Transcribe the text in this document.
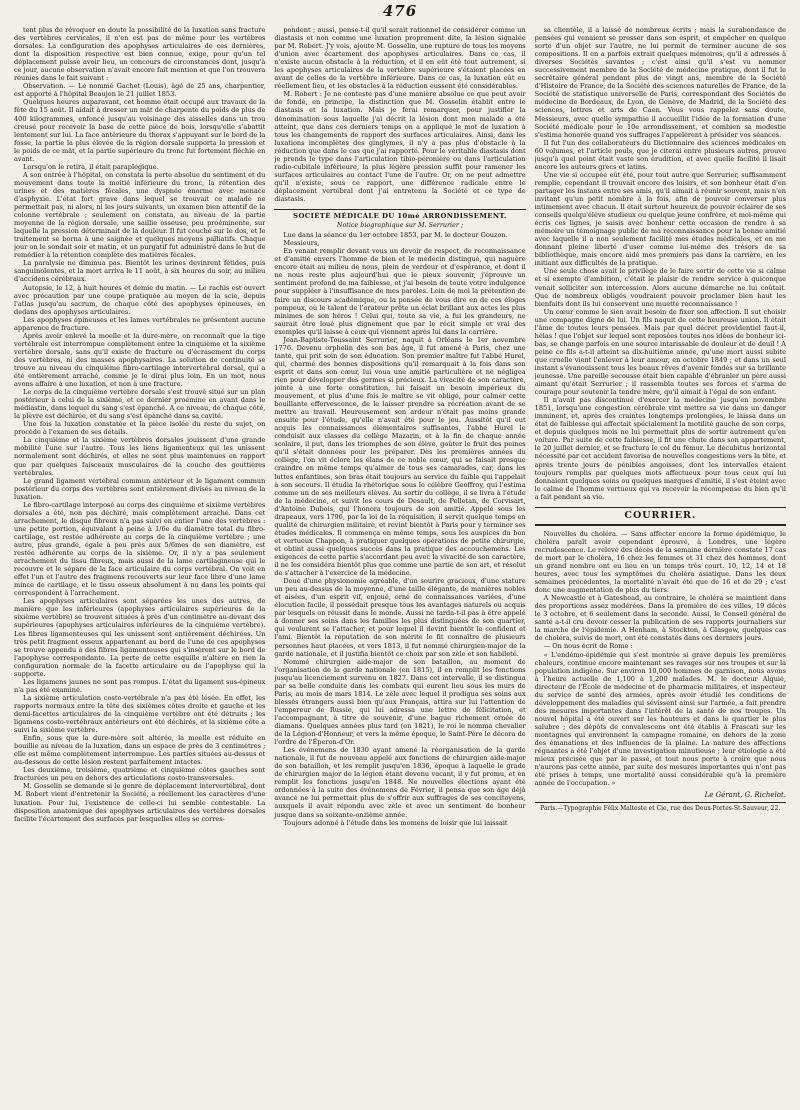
476

tent plus de révoquer en doute la possibilité de la luxation sans fracture des vertèbres cervicales, il n'en est pas de même pour les vertèbres dorsales. La configuration des apophyses articulaires de ces dernières, dont la disposition respective est bien connue, exige, pour qu'un tel déplacement puisse avoir lieu, un concours de circonstances dont, jusqu'à ce jour, aucune observation n'avait encore fait mention et que l'on trouvera réunies dans le fait suivant :

Observation. — Le nommé Gachet (Louis), âgé de 25 ans, charpentier, est apporté à l'hôpital Beaujon le 21 juillet 1853.

Quelques heures auparavant, cet homme était occupé aux travaux de la fête du 15 août. Il aidait à dresser un mât de charpente du poids de plus de 400 kilogrammes, enfoncé jusqu'au voisinage des aisselles dans un trou creusé pour recevoir la base de cette pièce de bois, lorsqu'elle s'abattit lentement sur lui. La face antérieure du thorax s'appuyant sur le bord de la fosse, la partie la plus élevée de la région dorsale supporta la pression et le poids de ce mât, et la partie supérieure du tronc fut fortement fléchie en avant.

Lorsqu'on le retira, il était paraplégique.

A son entrée à l'hôpital, on constata la perte absolue du sentiment et du mouvement dans toute la moitié inférieure du tronc, la rétention des urines et des matières fécales, une dyspnée énorme avec menace d'asphyxie. L'état fort grave dans lequel se trouvait ce malade ne permettait pas, ni alors, ni les jours suivants, un examen bien attentif de la colonne vertébrale ; seulement on constata, au niveau de la partie moyenne de la région dorsale, une saillie osseuse, peu proéminente, sur laquelle la pression déterminait de la douleur. Il fut couché sur le dos, et le traitement se borna à une saignée et quelques moyens palliatifs. Chaque jour on le sondait soir et matin, et un purgatif fut administré dans le but de remédier à la rétention complète des matières fécales.

La paralysie ne diminua pas. Bientôt les urines devinrent fétides, puis sanguinolentes, et la mort arriva le 11 août, à six heures du soir, au milieu d'accidens cérébraux.

Autopsie, le 12, à huit heures et demie du matin. — Le rachis est ouvert avec précaution par une coupe pratiquée au moyen de la scie, depuis l'atlas jusqu'au sacrum, de chaque côté des apophyses épineuses, en dedans des apophyses articulaires.

Les apophyses épineuses et les lames vertébrales ne présentent aucune apparence de fracture.

Après avoir enlevé la moelle et la dure-mère, on reconnaît que la tige vertébrale est interrompue complètement entre la cinquième et la sixième vertèbre dorsale, sans qu'il existe de fracture ou d'écrasement du corps des vertèbres, ni des masses apophysaires. La solution de continuité se trouve au niveau du cinquième fibro-cartilage intervertébral dorsal, qui a été entièrement arraché, comme je le dirai plus loin. En un mot, nous avons affaire à une luxation, et non à une fracture.

Le corps de la cinquième vertèbre dorsale s'est trouvé situé sur un plan postérieur à celui de la sixième, et ce dernier proémine en avant dans le médiastin, dans lequel du sang s'est épanché. A ce niveau, de chaque côté, la plèvre est déchirée, et du sang s'est épanché dans sa cavité.

Une fois la luxation constatée et la pièce isolée du reste du sujet, on procède à l'examen de ses détails.

La cinquième et la sixième vertèbres dorsales jouissent d'une grande mobilité l'une sur l'autre. Tous les liens ligamenteux qui les unissent normalement sont déchirés, et elles ne sont plus maintenues en rapport que par quelques faisceaux musculaires de la couche des gouttières vertébrales.

Le grand ligament vertébral commun antérieur et le ligament commun postérieur du corps des vertèbres sont entièrement divisés au niveau de la luxation.

Le fibro-cartilage interposé au corps des cinquième et sixième vertèbres dorsales a été, non pas déchiré, mais complètement arraché. Dans cet arrachement, le disque fibreux n'a pas suivi en entier l'une des vertèbres : une petite portion, équivalant à peine à 1/6e du diamètre total du fibro-cartilage, est restée adhérente au corps de la cinquième vertèbre ; une autre, plus grande, égale à peu près aux 5/6mes de son diamètre, est restée adhérente au corps de la sixième. Or, il n'y a pas seulement arrachement du tissu fibreux, mais aussi de la lame cartilagineuse qui le recouvre et le sépare de la face articulaire du corps vertébral. On voit en effet l'un et l'autre des fragmens recouverts sur leur face libre d'une lame mince de cartilage, et le tissu osseux absolument à nu dans les points qui correspondent à l'arrachement.

Les apophyses articulaires sont séparées les unes des autres, de manière que les inférieures (apophyses articulaires supérieures de la sixième vertèbre) se trouvent situées à près d'un centimètre au-devant des supérieures (apophyses articulaires inférieures de la cinquième vertèbre). Les fibres ligamenteuses qui les unissent sont entièrement déchirées. Un très petit fragment osseux appartenant au bord de l'une de ces apophyses se trouve appendu à des fibres ligamenteuses qui s'insèrent sur le bord de l'apophyse correspondante. La perte de cette esquille n'altère en rien la configuration normale de la facette articulaire ou de l'apophyse qui la supporte.

Les ligamens jaunes ne sont pas rompus. L'état du ligament sus-épineux n'a pas été examiné.

La sixième articulation costo-vertébrale n'a pas été lésée. En effet, les rapports normaux entre la tête des sixièmes côtes droite et gauche et les demi-facettes articulaires de la cinquième vertèbre ont été détruits ; les ligamens costo-vertébraux antérieurs ont été déchirés, et la sixième côte a suivi la sixième vertèbre.

Enfin, sous que la dure-mère soit altérée, la moelle est réduite en bouillie au niveau de la luxation, dans un espace de près de 3 centimètres ; elle est même complètement interrompue. Les parties situées au-dessus et au-dessous de cette lésion restent parfaitement intactes.

Les deuxième, troisième, quatrième et cinquième côtes gauches sont fracturées un peu en dehors des articulations costo-transversales.

M. Gosselin se demande si le genre de déplacement intervertébral, dont M. Robert vient d'entretenir la Société, a réellement les caractères d'une luxation. Pour lui, l'existence de celle-ci lui semble contestable. La disposition anatomique des apophyses articulaires des vertèbres dorsales facilite l'écartement des surfaces par lesquelles elles se corres-

pondent ; aussi, pense-t-il qu'il serait rationnel de considérer comme un diastasis et non comme une luxation proprement dite, la lésion signalée par M. Robert. J'y vois, ajoute M. Gosselin, une rupture de tous les moyens d'union avec écartement des apophyses articulaires. Dans ce cas, il n'existe aucun obstacle à la réduction, et il en eût été tout autrement, si les apophyses articulaires de la vertèbre supérieure s'étaient placées en avant de celles de la vertèbre inférieure. Dans ce cas, la luxation eût eu réellement lieu, et les obstacles à la réduction eussent été considérables.

M. Robert : Je ne conteste pas d'une manière absolue ce que peut avoir de fondé, en principe, la distinction que M. Gosselin établit entre le diastasis et la luxation. Mais je ferai remarquer, pour justifier la dénomination sous laquelle j'ai décrit la lésion dont mon malade a été atteint, que dans ces derniers temps on a appliqué le mot de luxation à tous les changements de rapport des surfaces articulaires. Ainsi, dans les luxations incomplètes des ginglymes, il n'y a pas plus d'obstacle à la réduction que dans le cas que j'ai rapporté. Pour le véritable diastasis dont je prends le type dans l'articulation tibio-péronière ou dans l'articulation radio-cubitale inférieure, la plus légère pression suffit pour ramener les surfaces articulaires au contact l'une de l'autre. Or, on ne peut admettre qu'il n'existe, sous ce rapport, une différence radicale entre le déplacement vertébral dont j'ai entretenu la Société et ce type de diastasis.

SOCIÉTÉ MÉDICALE DU 10me ARRONDISSEMENT.
Notice biographique sur M. Serrurier ;

Lue dans la séance du 1er octobre 1853, par M. le docteur Gouzon.

Messieurs,

En venant remplir devant vous un devoir de respect, de reconnaissance et d'amitié envers l'homme de bien et le médecin distingué, qui naguère encore était au milieu de nous, plein de verdeur et d'espérance, et dont il ne nous reste plus aujourd'hui que le pieux souvenir, j'éprouve un sentiment profond de ma faiblesse, et j'ai besoin de toute votre indulgence pour suppléer à l'insuffisance de mes paroles. Loin de moi la prétention de faire un discours académique, ou la pensée de vous dire en de ces éloges pompeux, où le talent de l'orateur prête un éclat brillant aux actes les plus minimes de son héros ! Celui qui, toute sa vie, a fui les grandeurs, ne saurait être loué plus dignement que par le récit simple et vrai des exemples qu'il laisse à ceux qui viennent après lui dans la carrière.

Jean-Baptiste-Toussaint Serrurier, naquit à Orléans le 1er novembre 1776. Devenu orphelin dès son bas âge, il fut amené à Paris, chez une tante, qui prit soin de son éducation. Son premier maître fut l'abbé Hurel, qui, charmé des bonnes dispositions qu'il remarquait à la fois dans son esprit et dans son cœur, lui voua une amitié particulière et ne négligea rien pour développer des germes si précieux. La vivacité de son caractère, jointe à une forte constitution, lui faisait un besoin impérieux du mouvement, et plus d'une fois le maître se vit obligé, pour calmer cette bouillante effervescence, de le laisser prendre sa récréation avant de se mettre au travail. Heureusement son ardeur n'était pas moins grande ensuite pour l'étude, qu'elle n'avait été pour le jeu. Aussitôt qu'il eut acquis les connaissances élémentaires suffisantes, l'abbé Hurel le conduisit aux classes du collège Mazarin, et à la fin de chaque année scolaire, il put, dans les triomphes de son élève, goûter le fruit des peines qu'il s'était données pour les préparer. Dès les premières années du collège, l'on vit éclore les élans de ce noble cœur, qui se faisait presque craindre en même temps qu'aimer de tous ses camarades, car, dans les luttes enfantines, son bras était toujours au service du faible qui l'appelait à son secours. Il étudia la rhétorique sous le célèbre Geoffroy, qui l'estima comme un de ses meilleurs élèves. Au sortir du collège, il se livra à l'étude de la médecine, et suivit les cours de Desault, de Pelletan, de Corvisart, d'Antoine Dubois, qui l'honora toujours de son amitié. Appelé sous les drapeaux, vers 1796, par la loi de la réquisition, il servit quelque temps en qualité de chirurgien militaire, et revint bientôt à Paris pour y terminer ses études médicales. Il commença en même temps, sous les auspices du bon et vertueux Chappon, à pratiquer quelques opérations de petite chirurgie, et obtint aussi quelques succès dans la pratique des accouchemens. Les exigences de cette partie s'accordant peu avec la vivacité de son caractère, il ne les considéra bientôt plus que comme une partie de son art, et résolut de s'attacher à l'exercice de la médecine.

Doué d'une physionomie agréable, d'un sourire gracieux, d'une stature un peu au-dessus de la moyenne, d'une taille élégante, de manières nobles et aisées, d'un esprit vif, enjoué, orné de connaissances variées, d'une élocution facile, il possédait presque tous les avantages naturels ou acquis par lesquels on réussit dans le monde. Aussi ne tarda-t-il pas à être appelé à donner ses soins dans les familles les plus distinguées de son quartier, qui voulurent se l'attacher, et pour lequel il devint bientôt le confident et l'ami. Bientôt la réputation de son mérite le fit connaître de plusieurs personnes haut placées, et vers 1813, il fut nommé chirurgien-major de la garde nationale, et il justifia bientôt ce choix par son zèle et son habileté.

Nommé chirurgien aide-major de son bataillon, au moment de l'organisation de la garde nationale (en 1815), il en remplit les fonctions jusqu'au licenciement survenu en 1827. Dans cet intervalle, il se distingua par sa belle conduite dans les combats qui eurent lieu sous les murs de Paris, au mois de mars 1814. Le zèle avec lequel il prodigua ses soins aux blessés étrangers aussi bien qu'aux Français, attira sur lui l'attention de l'empereur de Russie, qui lui adressa une lettre de félicitation, et l'accompagnant, à titre de souvenir, d'une bague richement ornée de diamans. Quelques années plus tard (en 1821), le roi le nomma chevalier de la Légion-d'Honneur, et vers la même époque, le Saint-Père le décora de l'ordre de l'Éperon-d'Or.

Les événemens de 1830 ayant amené la réorganisation de la garde nationale, il fut de nouveau appelé aux fonctions de chirurgien aide-major de son bataillon, et les remplit jusqu'en 1836, époque à laquelle le grade de chirurgien major de la légion étant devenu vacant, il y fut promu, et en remplit les fonctions jusqu'en 1848. Ne nouvelles élections ayant été ordonnées à la suite des événemens de Février, il pensa que son âge déjà avancé ne lui permettait plus de s'offrir aux suffrages de ses concitoyens, auxquels il avait répondu avec zèle et avec un sentiment de bonheur jusque dans sa soixante-onzième année.

Toujours adonné à l'étude dans les momens de loisir que lui laissait

sa clientèle, il a laissé de nombreux écrits ; mais la surabondance de pensées qui venaient se presser dans son esprit, et empêcher en quelque sorte d'un objet sur l'autre, ne lui permit de terminer aucune de ses compositions. Il en a parfois extrait quelques mémoires, qu'il a adressés à diverses Sociétés savantes ; c'est ainsi qu'il s'est vu nommer successivement membre de la Société de médecine pratique, dont il fut le secrétaire général pendant plus de vingt ans, membre de la Société d'Histoire de France, de la Société des sciences naturelles de France, de la Société de statistique universelle de Paris, correspondant des Sociétés de médecine de Bordeaux, de Lyon, de Genève, de Madrid, de la Société des sciences, lettres et arts de Caen. Vous vous rappelez sans doute, Messieurs, avec quelle sympathie il accueillit l'idée de la formation d'une Société médicale pour le 10e arrondissement, et combien sa modestie s'estima honorée quand vos suffrages l'appelèrent à présider vos séances.

Il fut l'un des collaborateurs du Dictionnaire des sciences médicales en 60 volumes, et l'article pouls, que je citerai entre plusieurs autres, prouve jusqu'à quel point était vaste son érudition, et avec quelle facilité il lisait encore les auteurs grecs et latins.

Une vie si occupée eût été, pour tout autre que Serrurier, suffisamment remplie, cependant il trouvait encore des loisirs, et son bonheur était d'en partager les instans entre ses amis, qu'il aimait à réunir souvent, mais n'en invitant qu'un petit nombre à la fois, afin de pouvoir converser plus intimement avec chacun. Il était surtout heureux de pouvoir éclairer de ses conseils quelqu'élève studieux ou quelque jeune confrère, et moi-même qui écris ces lignes, je saisis avec bonheur cette occasion de rendre à sa mémoire un témoignage public de ma reconnaissance pour la bonne amitié avec laquelle il a non seulement facilité mes études médicales, et en me donnant pleine liberté d'user comme lui-même des trésors de sa bibliothèque, mais encore aidé mes premiers pas dans la carrière, en les initiant aux difficultés de la pratique.

Une seule chose avait le privilège de le faire sortir de cette vie si calme et si exempte d'ambition, c'était le plaisir de rendre service à quiconque venait solliciter son intercession. Alors aucune démarche ne lui coûtait. Que de nombreux obligés voudraient pouvoir proclamer bien haut les bienfaits dont ils lui conservent une muette reconnaissance !

Un cœur comme le sien avait besoin de fixer son affection. Il sut choisir une compagne digne de lui. Un fils naquit de cette heureuse union. Il était l'âme de toutes leurs pensées. Mais par quel décret providentiel faut-il, hélas ! que l'objet sur lequel sont reposées toutes nos idées de bonheur ici-bas, se change parfois en une source intarissable de douleur et de deuil ! A peine ce fils a-t-il atteint sa dix-huitième année, qu'une mort aussi subite que cruelle vient l'enlever à leur amour, en octobre 1849 ; et dans un seul instant s'évanouissent tous les beaux rêves d'avenir fondés sur sa brillante jeunesse. Une pareille secousse était bien capable d'ébranler un père aussi aimant qu'était Serrurier ; il rassembla toutes ses forces et s'arma de courage pour soutenir la tendre mère, qu'il aimait à l'égal de son enfant.

Il n'avait pas discontinué d'exercer la médecine jusqu'en novembre 1851, lorsqu'une congestion cérébrale vint mettre sa vie dans un danger imminent, et, après des craintes longtemps prolongées, le laissa dans un état de faiblesse qui affectait spécialement la motilité gauche de son corps, et depuis quelques mois ne lui permettait plus de sortir autrement qu'en voiture. Par suite de cette faiblesse, il fit une chute dans son appartement, le 20 juillet dernier, et se fractura le col du fémur. Le décubitus horizontal nécessité par cet accident favorisa de nouvelles congestions vers la tête, et après trente jours de pénibles angoisses, dont les intervalles étaient toujours remplis par quelques mots affectueux pour tous ceux qui lui donnaient quelques soins ou quelques marques d'amitié, il s'est éteint avec le calme de l'homme vertueux qui va recevoir la récompense du bien qu'il a fait pendant sa vie.

COURRIER.

Nouvelles du choléra. — Sans affecter encore la forme épidémique, le choléra paraît avoir cependant éprouvé, à Londres, une légère recrudescence. Le relevé des décès de la semaine dernière constate 17 cas de mort par le choléra, 16 chez les femmes et 31 chez des hommes, dont un grand nombre ont eu lieu en un temps très court. 10, 12, 14 et 18 heures, avec tous les symptômes du choléra asiatique. Dans les deux semaines précédentes, la mortalité n'avait été que de 16 et de 29 ; c'est donc une augmentation de plus du tiers.

A Newcastle et à Gateshead, au contraire, le choléra se maintient dans des proportions assez modérées. Dans la première de ces villes, 19 décès le 3 octobre, et 6 seulement dans la seconde. Aussi, le Conseil général de santé a-t-il cru devoir cesser la publication de ses rapports journaliers sur la marche de l'épidémie. A Henham, à Stockton, à Glasgow, quelques cas de choléra, suivis de mort, ont été constatés dans ces derniers jours.

— On nous écrit de Rome :

« L'endémo-épidémie qui s'est montrée si grave depuis les premières chaleurs, continue encore maintenant ses ravages sur nos troupes et sur la population indigène. Sur environ 10,000 hommes de garnison, nous avons à l'heure actuelle de 1,100 à 1,200 malades. M. le docteur Alquié, directeur de l'École de médecine et de pharmacie militaires, et inspecteur du service de santé des armées, après avoir étudié les conditions de développement des maladies qui sévissent ainsi sur l'armée, a fait prendre des mesures importantes dans l'intérêt de la santé de nos troupes. Un nouvel hôpital a été ouvert sur les hauteurs et dans le quartier le plus salubre ; des dépôts de convalescens ont été établis à Frascati sur les montagnes qui environnent la campagne romaine, en dehors de la zone des émanations et des influences de la plaine. La nature des affections régnantes a été l'objet d'une investigation minutieuse ; leur étiologie a été mieux précisée que par le passé, et tout nous porte à croire que nous n'aurons pas cette année, par suite des mesures importantes qui n'ont pas été prises à temps, une mortalité aussi considérable qu'à la première année de l'occupation. »

Le Gérant, G. Richelot.
Paris.—Typographie Félix Malteste et Cie, rue des Deux-Portes-St-Sauveur, 22.
